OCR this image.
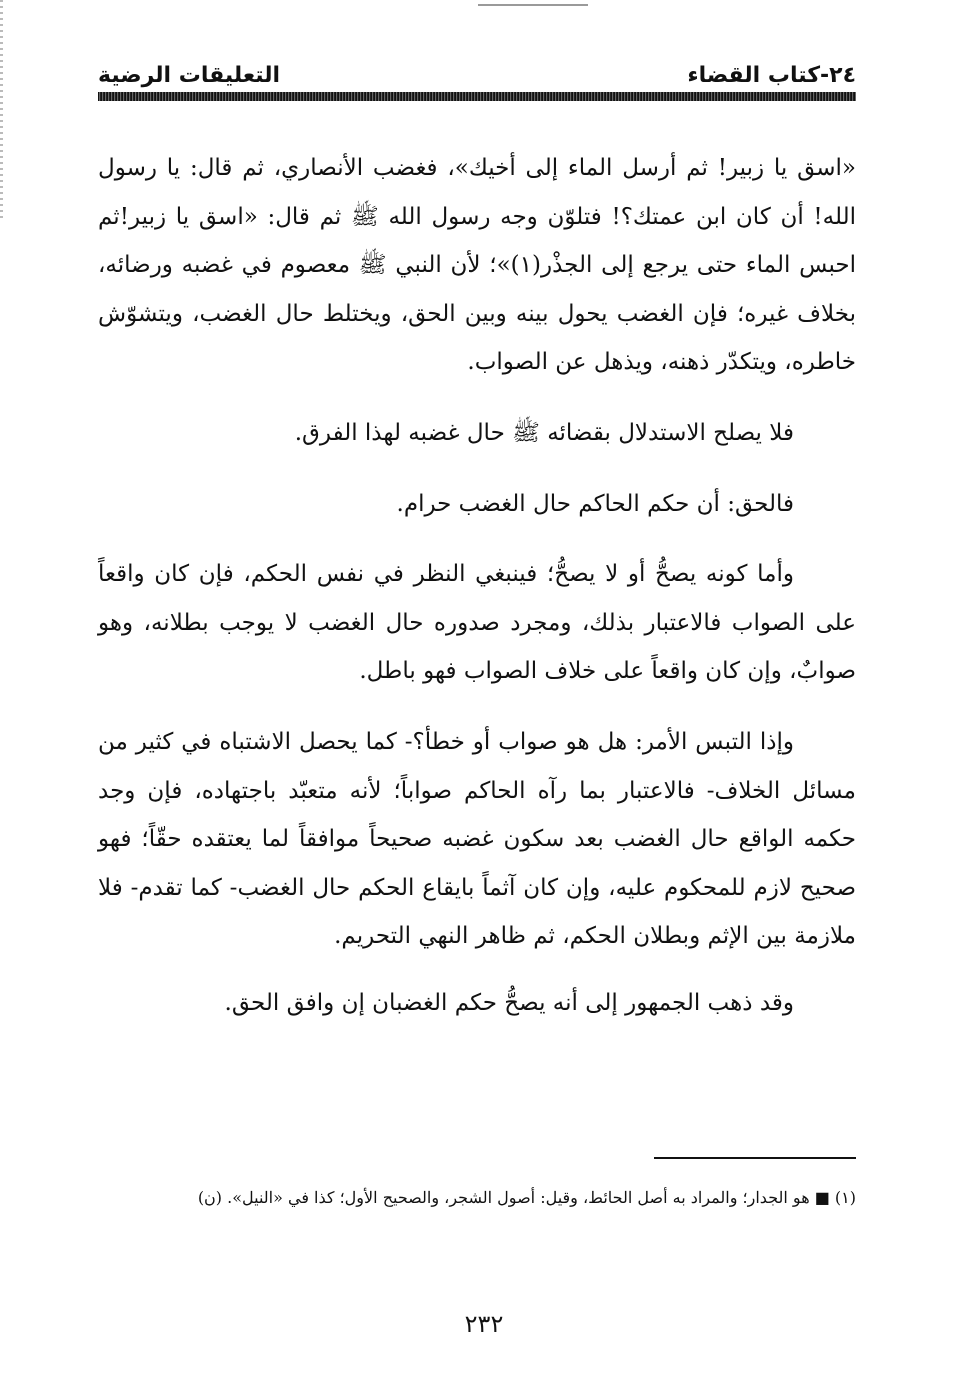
التعليقات الرضية	٢٤-كتاب القضاء

«اسق يا زبير! ثم أرسل الماء إلى أخيك»، فغضب الأنصاري، ثم قال: يا رسول الله! أن كان ابن عمتك؟! فتلوّن وجه رسول الله ﷺ ثم قال: «اسق يا زبير!ثم احبس الماء حتى يرجع إلى الجذْر(١)»؛ لأن النبي ﷺ معصوم في غضبه ورضائه، بخلاف غيره؛ فإن الغضب يحول بينه وبين الحق، ويختلط حال الغضب، ويتشوّش خاطره، ويتكدّر ذهنه، ويذهل عن الصواب.

فلا يصلح الاستدلال بقضائه ﷺ حال غضبه لهذا الفرق.

فالحق: أن حكم الحاكم حال الغضب حرام.

وأما كونه يصحُّ أو لا يصحُّ؛ فينبغي النظر في نفس الحكم، فإن كان واقعاً على الصواب فالاعتبار بذلك، ومجرد صدوره حال الغضب لا يوجب بطلانه، وهو صوابٌ، وإن كان واقعاً على خلاف الصواب فهو باطل.

وإذا التبس الأمر: هل هو صواب أو خطأ؟- كما يحصل الاشتباه في كثير من مسائل الخلاف- فالاعتبار بما رآه الحاكم صواباً؛ لأنه متعبّد باجتهاده، فإن وجد حكمه الواقع حال الغضب بعد سكون غضبه صحيحاً موافقاً لما يعتقده حقّاً؛ فهو صحيح لازم للمحكوم عليه، وإن كان آثماً بايقاع الحكم حال الغضب- كما تقدم- فلا ملازمة بين الإثم وبطلان الحكم، ثم ظاهر النهي التحريم.

وقد ذهب الجمهور إلى أنه يصحُّ حكم الغضبان إن وافق الحق.

(١) ■ هو الجدار؛ والمراد به أصل الحائط، وقيل: أصول الشجر، والصحيح الأول؛ كذا في «النيل». (ن)
٢٣٢
